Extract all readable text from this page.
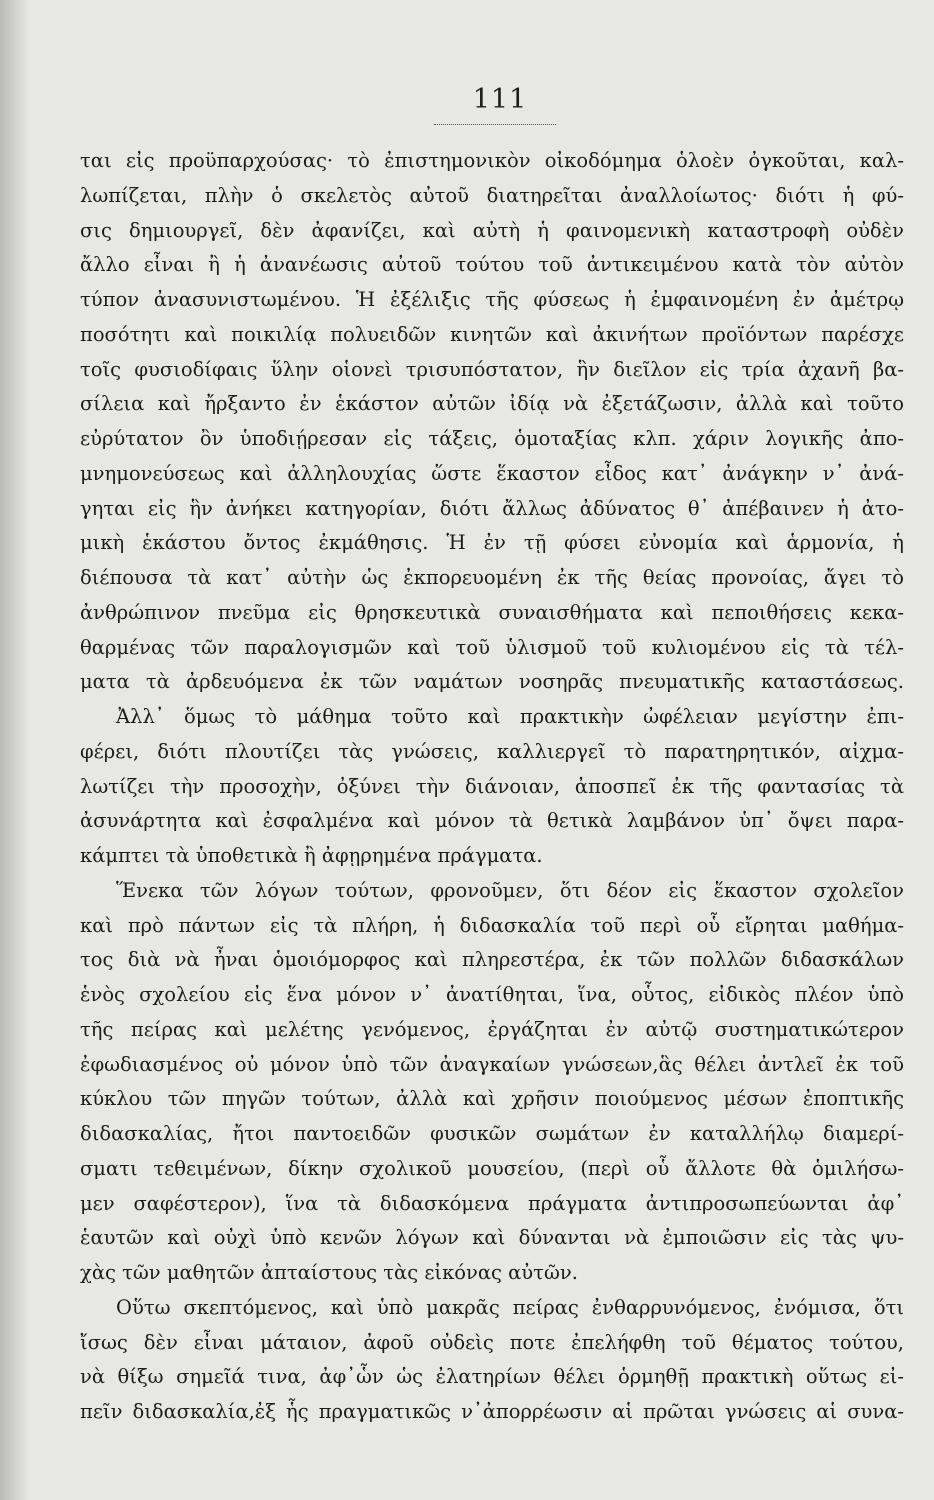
111
ται εἰς προϋπαρχούσας· τὸ ἐπιστημονικὸν οἰκοδόμημα ὁλοὲν ὀγκοῦται, καλ-
λωπίζεται, πλὴν ὁ σκελετὸς αὐτοῦ διατηρεῖται ἀναλλοίωτος· διότι ἡ φύ-
σις δημιουργεῖ, δὲν ἀφανίζει, καὶ αὐτὴ ἡ φαινομενικὴ καταστροφὴ οὐδὲν
ἄλλο εἶναι ἢ ἡ ἀνανέωσις αὐτοῦ τούτου τοῦ ἀντικειμένου κατὰ τὸν αὐτὸν
τύπον ἀνασυνιστωμένου. Ἡ ἐξέλιξις τῆς φύσεως ἡ ἐμφαινομένη ἐν ἀμέτρῳ
ποσότητι καὶ ποικιλίᾳ πολυειδῶν κινητῶν καὶ ἀκινήτων προϊόντων παρέσχε
τοῖς φυσιοδίφαις ὕλην οἱονεὶ τρισυπόστατον, ἣν διεῖλον εἰς τρία ἀχανῆ βα-
σίλεια καὶ ἤρξαντο ἐν ἑκάστον αὐτῶν ἰδίᾳ νὰ ἐξετάζωσιν, ἀλλὰ καὶ τοῦτο
εὐρύτατον ὂν ὑποδιῄρεσαν εἰς τάξεις, ὁμοταξίας κλπ. χάριν λογικῆς ἀπο-
μνημονεύσεως καὶ ἀλληλουχίας ὥστε ἕκαστον εἶδος κατ᾽ ἀνάγκην ν᾽ ἀνά-
γηται εἰς ἣν ἀνήκει κατηγορίαν, διότι ἄλλως ἀδύνατος θ᾽ ἀπέβαινεν ἡ ἀτο-
μικὴ ἑκάστου ὄντος ἐκμάθησις. Ἡ ἐν τῇ φύσει εὐνομία καὶ ἁρμονία, ἡ
διέπουσα τὰ κατ᾽ αὐτὴν ὡς ἐκπορευομένη ἐκ τῆς θείας προνοίας, ἄγει τὸ
ἀνθρώπινον πνεῦμα εἰς θρησκευτικὰ συναισθήματα καὶ πεποιθήσεις κεκα-
θαρμένας τῶν παραλογισμῶν καὶ τοῦ ὑλισμοῦ τοῦ κυλιομένου εἰς τὰ τέλ-
ματα τὰ ἀρδευόμενα ἐκ τῶν ναμάτων νοσηρᾶς πνευματικῆς καταστάσεως.
Ἀλλ᾽ ὅμως τὸ μάθημα τοῦτο καὶ πρακτικὴν ὠφέλειαν μεγίστην ἐπι-
φέρει, διότι πλουτίζει τὰς γνώσεις, καλλιεργεῖ τὸ παρατηρητικόν, αἰχμα-
λωτίζει τὴν προσοχὴν, ὀξύνει τὴν διάνοιαν, ἀποσπεῖ ἐκ τῆς φαντασίας τὰ
ἀσυνάρτητα καὶ ἐσφαλμένα καὶ μόνον τὰ θετικὰ λαμβάνον ὑπ᾽ ὄψει παρα-
κάμπτει τὰ ὑποθετικὰ ἢ ἀφῃρημένα πράγματα.
Ἕνεκα τῶν λόγων τούτων, φρονοῦμεν, ὅτι δέον εἰς ἕκαστον σχολεῖον
καὶ πρὸ πάντων εἰς τὰ πλήρη, ἡ διδασκαλία τοῦ περὶ οὗ εἴρηται μαθήμα-
τος διὰ νὰ ἦναι ὁμοιόμορφος καὶ πληρεστέρα, ἐκ τῶν πολλῶν διδασκάλων
ἑνὸς σχολείου εἰς ἕνα μόνον ν᾽ ἀνατίθηται, ἵνα, οὗτος, εἰδικὸς πλέον ὑπὸ
τῆς πείρας καὶ μελέτης γενόμενος, ἐργάζηται ἐν αὐτῷ συστηματικώτερον
ἐφωδιασμένος οὐ μόνον ὑπὸ τῶν ἀναγκαίων γνώσεων,ἃς θέλει ἀντλεῖ ἐκ τοῦ
κύκλου τῶν πηγῶν τούτων, ἀλλὰ καὶ χρῆσιν ποιούμενος μέσων ἐποπτικῆς
διδασκαλίας, ἤτοι παντοειδῶν φυσικῶν σωμάτων ἐν καταλλήλῳ διαμερί-
σματι τεθειμένων, δίκην σχολικοῦ μουσείου, (περὶ οὗ ἄλλοτε θὰ ὁμιλήσω-
μεν σαφέστερον), ἵνα τὰ διδασκόμενα πράγματα ἀντιπροσωπεύωνται ἀφ᾽
ἑαυτῶν καὶ οὐχὶ ὑπὸ κενῶν λόγων καὶ δύνανται νὰ ἐμποιῶσιν εἰς τὰς ψυ-
χὰς τῶν μαθητῶν ἀπταίστους τὰς εἰκόνας αὐτῶν.
Οὕτω σκεπτόμενος, καὶ ὑπὸ μακρᾶς πείρας ἐνθαρρυνόμενος, ἐνόμισα, ὅτι
ἴσως δὲν εἶναι μάταιον, ἀφοῦ οὐδεὶς ποτε ἐπελήφθη τοῦ θέματος τούτου,
νὰ θίξω σημεῖά τινα, ἀφ᾽ὧν ὡς ἐλατηρίων θέλει ὁρμηθῇ πρακτικὴ οὕτως εἰ-
πεῖν διδασκαλία,ἐξ ἧς πραγματικῶς ν᾽ἀπορρέωσιν αἱ πρῶται γνώσεις αἱ συνα-
